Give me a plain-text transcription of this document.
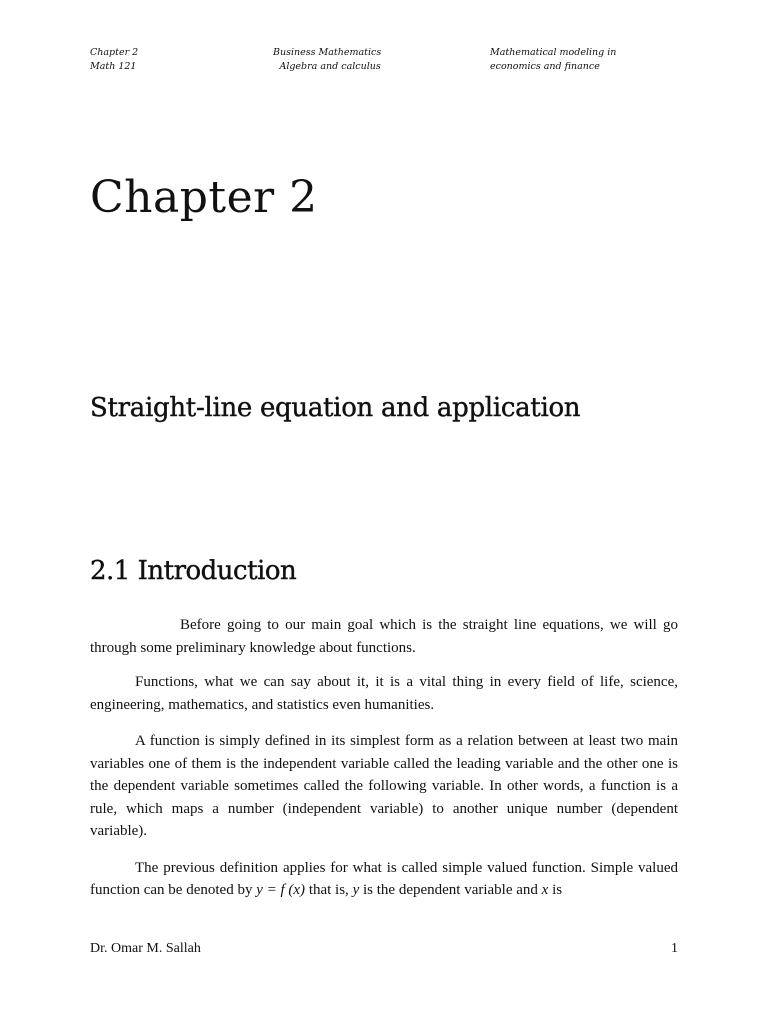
Chapter 2
Math 121
Business Mathematics
Algebra and calculus
Mathematical modeling in economics and finance
Chapter 2
Straight-line equation and application
2.1 Introduction

Before going to our main goal which is the straight line equations, we will go through some preliminary knowledge about functions.

Functions, what we can say about it, it is a vital thing in every field of life, science, engineering, mathematics, and statistics even humanities.

A function is simply defined in its simplest form as a relation between at least two main variables one of them is the independent variable called the leading variable and the other one is the dependent variable sometimes called the following variable. In other words, a function is a rule, which maps a number (independent variable) to another unique number (dependent variable).

The previous definition applies for what is called simple valued function. Simple valued function can be denoted by y = f (x) that is, y is the dependent variable and x is

Dr. Omar M. Sallah	1
